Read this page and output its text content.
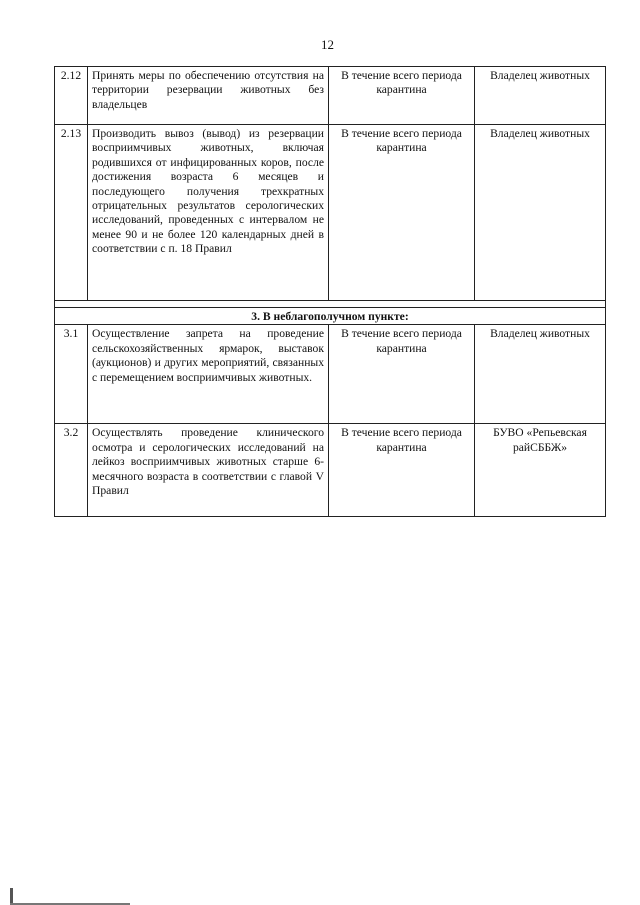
12
2.12	Принять меры по обеспечению отсутствия на территории резервации животных без владельцев	В течение всего периода карантина	Владелец животных
2.13	Производить вывоз (вывод) из резервации восприимчивых животных, включая родившихся от инфицированных коров, после достижения возраста 6 месяцев и последующего получения трехкратных отрицательных результатов серологических исследований, проведенных с интервалом не менее 90 и не более 120 календарных дней в соответствии с п. 18 Правил	В течение всего периода карантина	Владелец животных

3. В неблагополучном пункте:			
3.1	Осуществление запрета на проведение сельскохозяйственных ярмарок, выставок (аукционов) и других мероприятий, связанных с перемещением восприимчивых животных.	В течение всего периода карантина	Владелец животных
3.2	Осуществлять проведение клинического осмотра и серологических исследований на лейкоз восприимчивых животных старше 6-месячного возраста в соответствии с главой V Правил	В течение всего периода карантина	БУВО «Репьевская райСББЖ»
